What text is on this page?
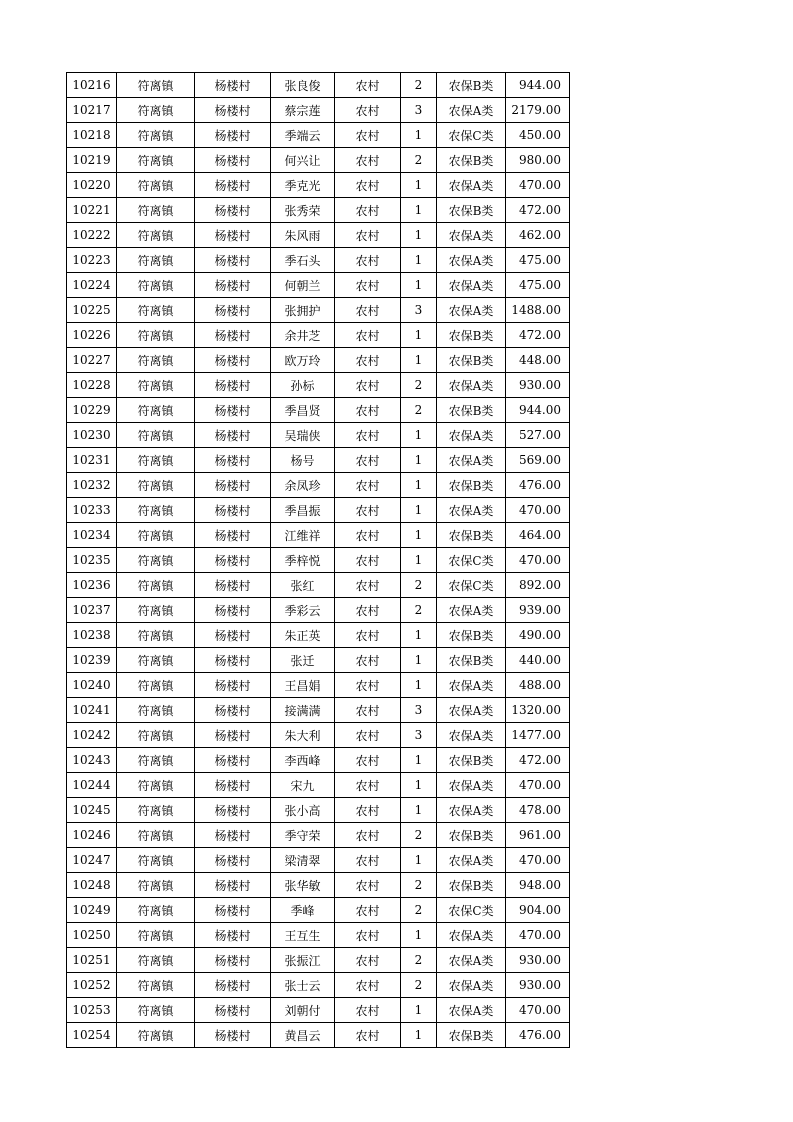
10216	符离镇	杨楼村	张良俊	农村	2	农保B类	944.00
10217	符离镇	杨楼村	蔡宗莲	农村	3	农保A类	2179.00
10218	符离镇	杨楼村	季端云	农村	1	农保C类	450.00
10219	符离镇	杨楼村	何兴让	农村	2	农保B类	980.00
10220	符离镇	杨楼村	季克光	农村	1	农保A类	470.00
10221	符离镇	杨楼村	张秀荣	农村	1	农保B类	472.00
10222	符离镇	杨楼村	朱风雨	农村	1	农保A类	462.00
10223	符离镇	杨楼村	季石头	农村	1	农保A类	475.00
10224	符离镇	杨楼村	何朝兰	农村	1	农保A类	475.00
10225	符离镇	杨楼村	张拥护	农村	3	农保A类	1488.00
10226	符离镇	杨楼村	余井芝	农村	1	农保B类	472.00
10227	符离镇	杨楼村	欧万玲	农村	1	农保B类	448.00
10228	符离镇	杨楼村	孙标	农村	2	农保A类	930.00
10229	符离镇	杨楼村	季昌贤	农村	2	农保B类	944.00
10230	符离镇	杨楼村	吴瑞侠	农村	1	农保A类	527.00
10231	符离镇	杨楼村	杨号	农村	1	农保A类	569.00
10232	符离镇	杨楼村	余凤珍	农村	1	农保B类	476.00
10233	符离镇	杨楼村	季昌振	农村	1	农保A类	470.00
10234	符离镇	杨楼村	江维祥	农村	1	农保B类	464.00
10235	符离镇	杨楼村	季梓悦	农村	1	农保C类	470.00
10236	符离镇	杨楼村	张红	农村	2	农保C类	892.00
10237	符离镇	杨楼村	季彩云	农村	2	农保A类	939.00
10238	符离镇	杨楼村	朱正英	农村	1	农保B类	490.00
10239	符离镇	杨楼村	张迁	农村	1	农保B类	440.00
10240	符离镇	杨楼村	王昌娟	农村	1	农保A类	488.00
10241	符离镇	杨楼村	接满满	农村	3	农保A类	1320.00
10242	符离镇	杨楼村	朱大利	农村	3	农保A类	1477.00
10243	符离镇	杨楼村	李西峰	农村	1	农保B类	472.00
10244	符离镇	杨楼村	宋九	农村	1	农保A类	470.00
10245	符离镇	杨楼村	张小高	农村	1	农保A类	478.00
10246	符离镇	杨楼村	季守荣	农村	2	农保B类	961.00
10247	符离镇	杨楼村	梁清翠	农村	1	农保A类	470.00
10248	符离镇	杨楼村	张华敏	农村	2	农保B类	948.00
10249	符离镇	杨楼村	季峰	农村	2	农保C类	904.00
10250	符离镇	杨楼村	王互生	农村	1	农保A类	470.00
10251	符离镇	杨楼村	张振江	农村	2	农保A类	930.00
10252	符离镇	杨楼村	张士云	农村	2	农保A类	930.00
10253	符离镇	杨楼村	刘朝付	农村	1	农保A类	470.00
10254	符离镇	杨楼村	黄昌云	农村	1	农保B类	476.00
